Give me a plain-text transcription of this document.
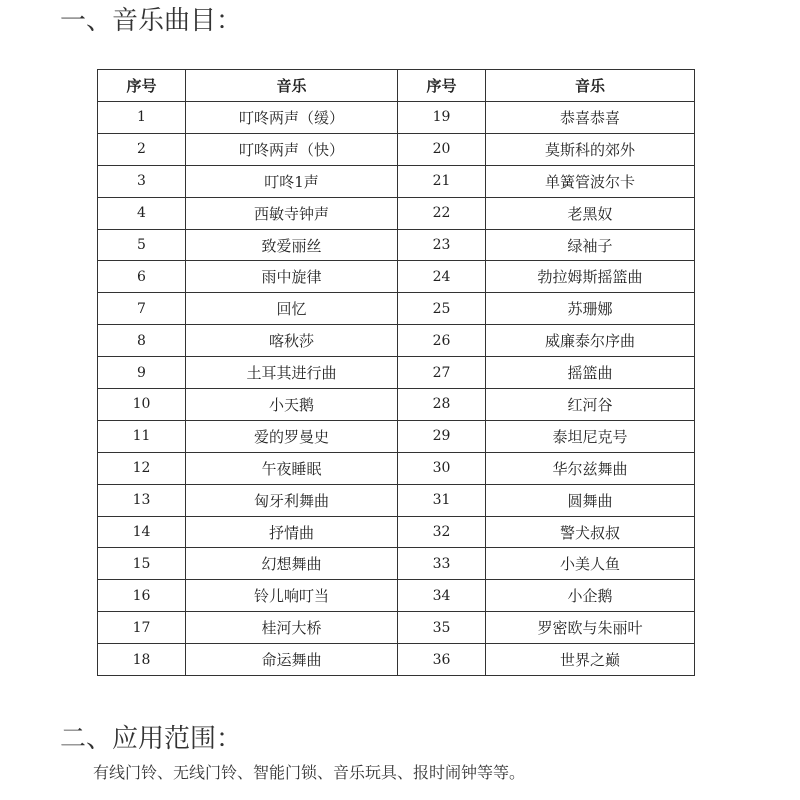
一、音乐曲目：
序号	音乐	序号	音乐
1	叮咚两声（缓）	19	恭喜恭喜
2	叮咚两声（快）	20	莫斯科的郊外
3	叮咚1声	21	单簧管波尔卡
4	西敏寺钟声	22	老黑奴
5	致爱丽丝	23	绿袖子
6	雨中旋律	24	勃拉姆斯摇篮曲
7	回忆	25	苏珊娜
8	喀秋莎	26	威廉泰尔序曲
9	土耳其进行曲	27	摇篮曲
10	小天鹅	28	红河谷
11	爱的罗曼史	29	泰坦尼克号
12	午夜睡眠	30	华尔兹舞曲
13	匈牙利舞曲	31	圆舞曲
14	抒情曲	32	警犬叔叔
15	幻想舞曲	33	小美人鱼
16	铃儿响叮当	34	小企鹅
17	桂河大桥	35	罗密欧与朱丽叶
18	命运舞曲	36	世界之巅
二、应用范围：
有线门铃、无线门铃、智能门锁、音乐玩具、报时闹钟等等。
